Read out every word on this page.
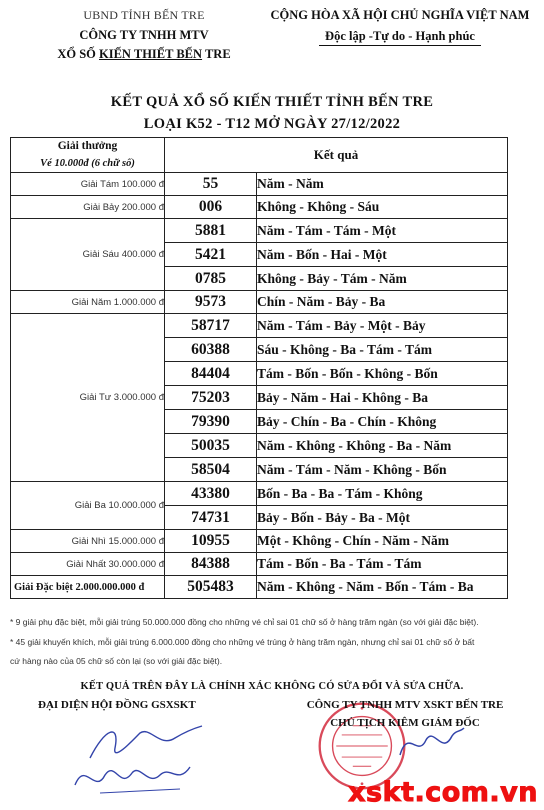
UBND TỈNH BẾN TRE
CÔNG TY TNHH MTV
XỔ SỐ KIẾN THIẾT BẾN TRE
CỘNG HÒA XÃ HỘI CHỦ NGHĨA VIỆT NAM
Độc lập -Tự do - Hạnh phúc
KẾT QUẢ XỔ SỐ KIẾN THIẾT TỈNH BẾN TRE
LOẠI K52 - T12 MỞ NGÀY 27/12/2022
Giải thưởng
Vé 10.000đ (6 chữ số)	Kết quả	
Giải Tám 100.000 đ	55	Năm - Năm
Giải Bảy 200.000 đ	006	Không - Không - Sáu
Giải Sáu 400.000 đ	5881	Năm - Tám - Tám - Một
	5421	Năm - Bốn - Hai - Một
	0785	Không - Bảy - Tám - Năm
Giải Năm 1.000.000 đ	9573	Chín - Năm - Bảy - Ba
Giải Tư 3.000.000 đ	58717	Năm - Tám - Bảy - Một - Bảy
	60388	Sáu - Không - Ba - Tám - Tám
	84404	Tám - Bốn - Bốn - Không - Bốn
	75203	Bảy - Năm - Hai - Không - Ba
	79390	Bảy - Chín - Ba - Chín - Không
	50035	Năm - Không - Không - Ba - Năm
	58504	Năm - Tám - Năm - Không - Bốn
Giải Ba 10.000.000 đ	43380	Bốn - Ba - Ba - Tám - Không
	74731	Bảy - Bốn - Bảy - Ba - Một
Giải Nhì 15.000.000 đ	10955	Một - Không - Chín - Năm - Năm
Giải Nhất 30.000.000 đ	84388	Tám - Bốn - Ba - Tám - Tám
Giải Đặc biệt 2.000.000.000 đ	505483	Năm - Không - Năm - Bốn - Tám - Ba
* 9 giải phụ đặc biệt, mỗi giải trúng 50.000.000 đồng cho những vé chỉ sai 01 chữ số ở hàng trăm ngàn (so với giải đặc biệt).
* 45 giải khuyến khích, mỗi giải trúng 6.000.000 đồng cho những vé trúng ở hàng trăm ngàn, nhưng chỉ sai 01 chữ số ở bất
cứ hàng nào của 05 chữ số còn lại (so với giải đặc biệt).
KẾT QUẢ TRÊN ĐÂY LÀ CHÍNH XÁC KHÔNG CÓ SỬA ĐỔI VÀ SỬA CHỮA.
ĐẠI DIỆN HỘI ĐỒNG GSXSKT	CÔNG TY TNHH MTV XSKT BẾN TRE
CHỦ TỊCH KIÊM GIÁM ĐỐC
xskt.com.vn
